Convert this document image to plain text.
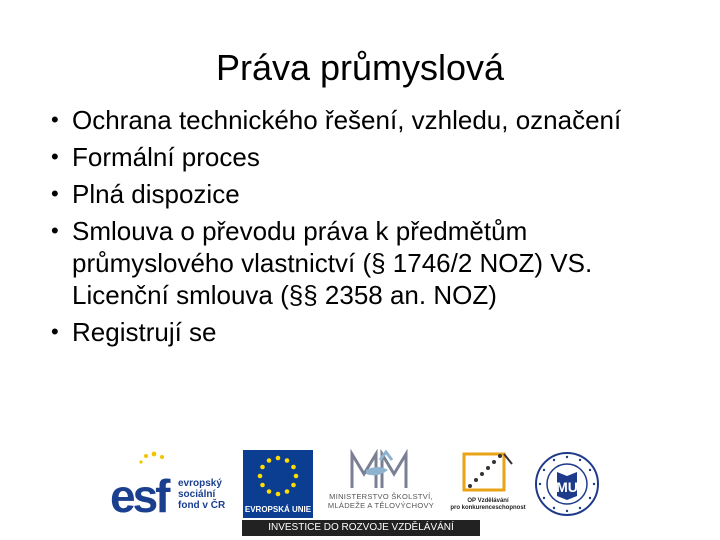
Práva průmyslová
• Ochrana technického řešení, vzhledu, označení
• Formální proces
• Plná dispozice
• Smlouva o převodu práva k předmětům průmyslového vlastnictví (§ 1746/2 NOZ) VS. Licenční smlouva (§§ 2358 an. NOZ)
• Registrují se
esf	evropský
sociální
fond v ČR EVROPSKÁ UNIE
MINISTERSTVO ŠKOLSTVÍ,
MLÁDEŽE A TĚLOVÝCHOVY	OP Vzdělávání
pro konkurenceschopnost
MU
INVESTICE DO ROZVOJE VZDĚLÁVÁNÍ
